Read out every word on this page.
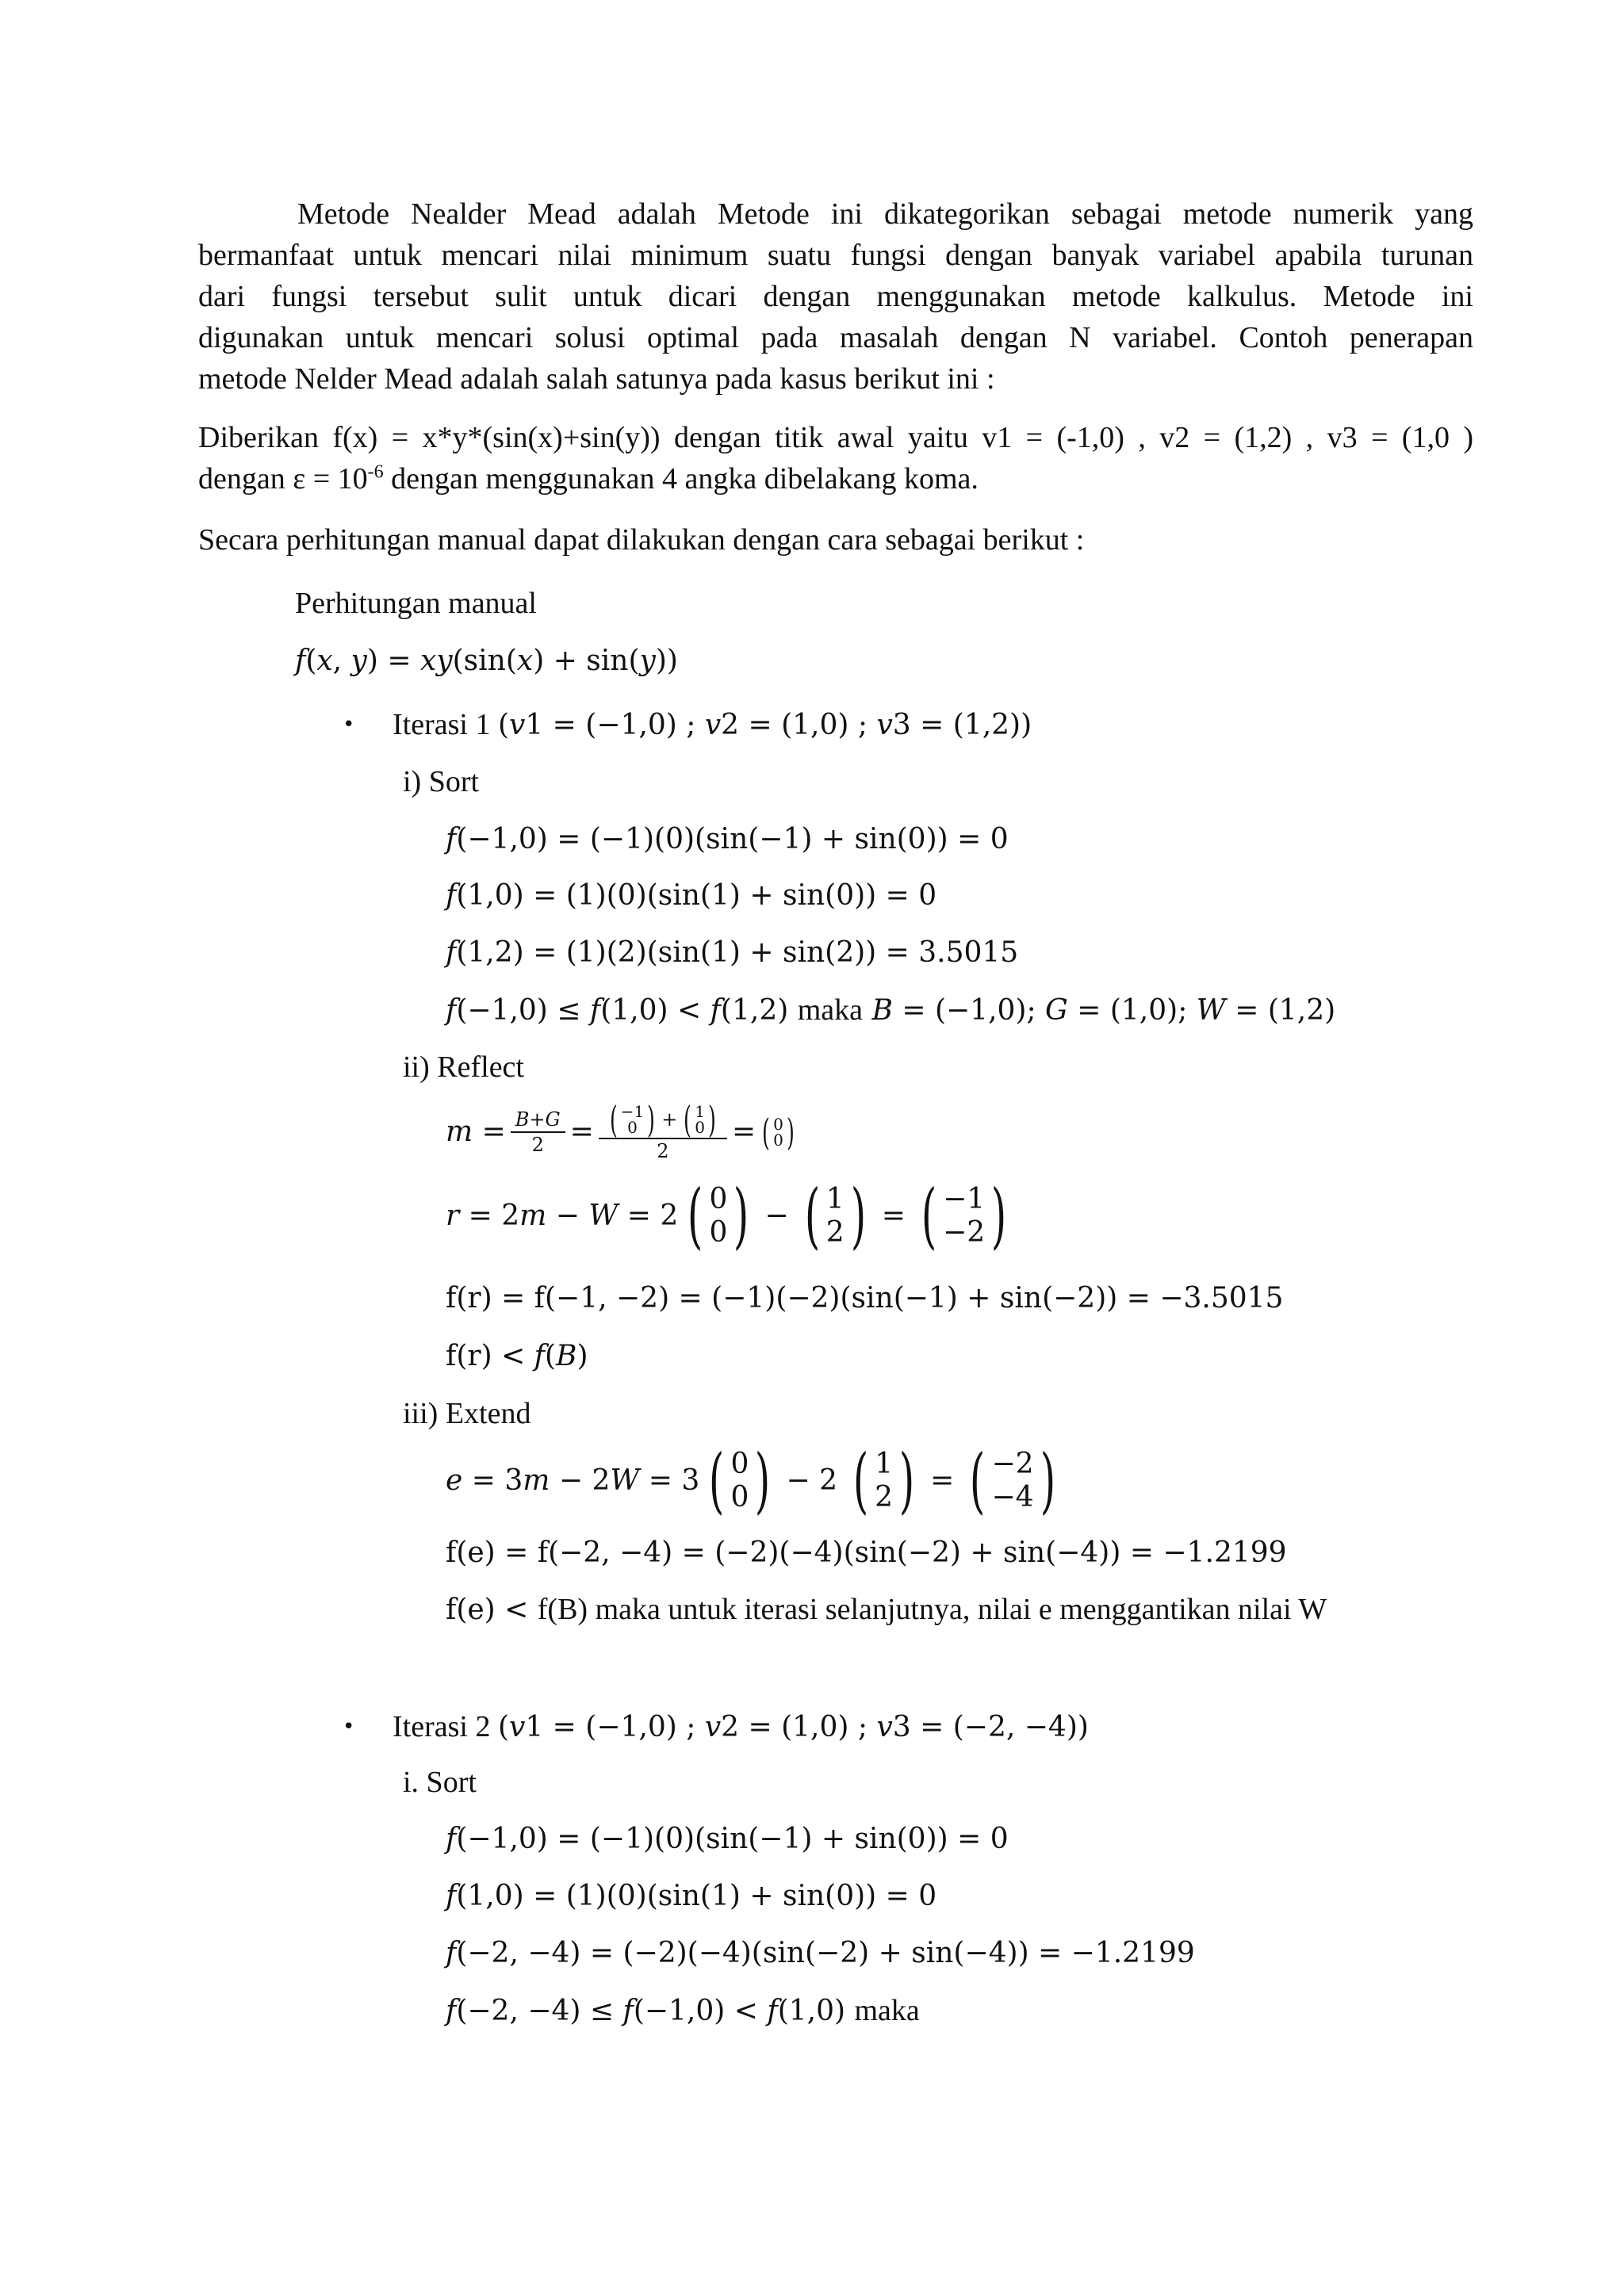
Metode Nealder Mead adalah Metode ini dikategorikan sebagai metode numerik yang
bermanfaat untuk mencari nilai minimum suatu fungsi dengan banyak variabel apabila turunan
dari fungsi tersebut sulit untuk dicari dengan menggunakan metode kalkulus. Metode ini
digunakan untuk mencari solusi optimal pada masalah dengan N variabel. Contoh penerapan
metode Nelder Mead adalah salah satunya pada kasus berikut ini :
Diberikan f(x) = x*y*(sin(x)+sin(y)) dengan titik awal yaitu v1 = (-1,0) , v2 = (1,2) , v3 = (1,0 )
dengan $\varepsilon = 10^{-6}$ dengan menggunakan 4 angka dibelakang koma.
Secara perhitungan manual dapat dilakukan dengan cara sebagai berikut :
Perhitungan manual
𝑓(𝑥, 𝑦) = 𝑥𝑦(sin(𝑥) + sin(𝑦))
• Iterasi 1 (𝑣1 = (−1,0) ; 𝑣2 = (1,0) ; 𝑣3 = (1,2))
i) Sort
𝑓(−1,0) = (−1)(0)(sin(−1) + sin(0)) = 0
𝑓(1,0) = (1)(0)(sin(1) + sin(0)) = 0
𝑓(1,2) = (1)(2)(sin(1) + sin(2)) = 3.5015
𝑓(−1,0) ≤ 𝑓(1,0) < 𝑓(1,2) maka 𝐵 = (−1,0); 𝐺 = (1,0); 𝑊 = (1,2)
ii) Reflect
𝑚 = $\frac{\text{𝐵+𝐺}}{2}$ = ( −1
0 ) + ( 1
0 )
2 = ( 0
0 )
𝑟 = 2𝑚 − 𝑊 = 2 ( 0
0 ) − ( 1
2 ) = ( −1
−2 )
f(r) = f(−1, −2) = (−1)(−2)(sin(−1) + sin(−2)) = −3.5015
f(r) < 𝑓(𝐵)
iii) Extend
𝑒 = 3𝑚 − 2𝑊 = 3 ( 0
0 ) − 2 ( 1
2 ) = ( −2
−4 )
f(e) = f(−2, −4) = (−2)(−4)(sin(−2) + sin(−4)) = −1.2199
f(e) < f(B) maka untuk iterasi selanjutnya, nilai e menggantikan nilai W
• Iterasi 2 (𝑣1 = (−1,0) ; 𝑣2 = (1,0) ; 𝑣3 = (−2, −4))
i. Sort
𝑓(−1,0) = (−1)(0)(sin(−1) + sin(0)) = 0
𝑓(1,0) = (1)(0)(sin(1) + sin(0)) = 0
𝑓(−2, −4) = (−2)(−4)(sin(−2) + sin(−4)) = −1.2199
𝑓(−2, −4) ≤ 𝑓(−1,0) < 𝑓(1,0) maka
